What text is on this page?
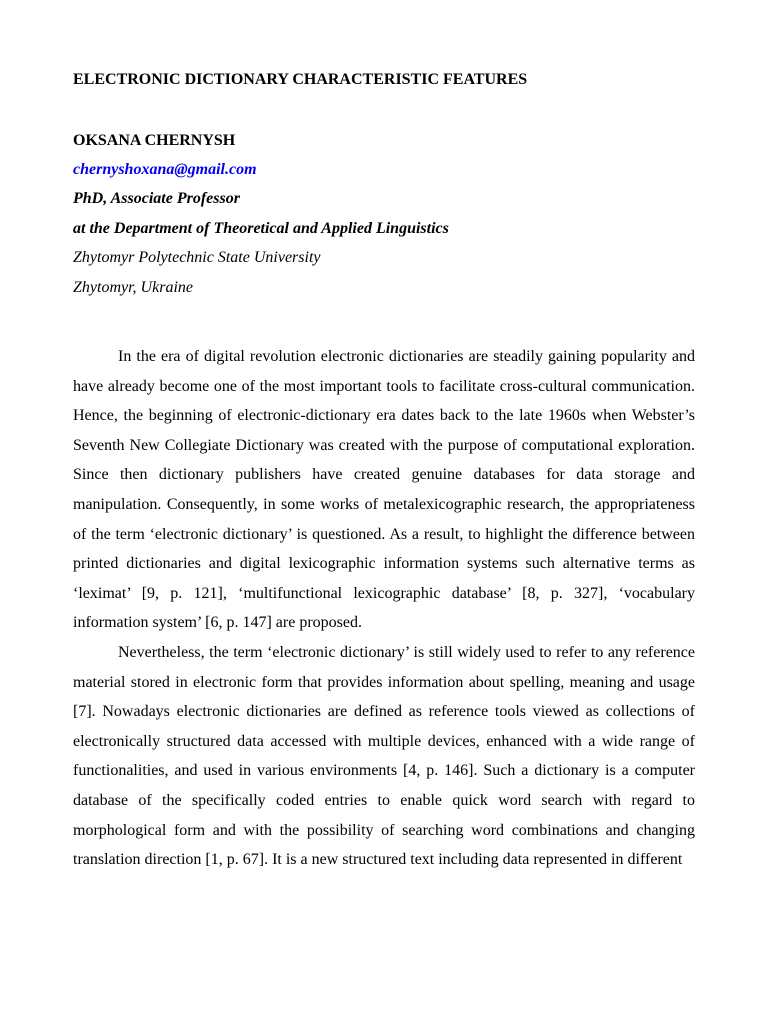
ELECTRONIC DICTIONARY CHARACTERISTIC FEATURES
OKSANA CHERNYSH
chernyshoxana@gmail.com
PhD, Associate Professor
at the Department of Theoretical and Applied Linguistics
Zhytomyr Polytechnic State University
Zhytomyr, Ukraine

In the era of digital revolution electronic dictionaries are steadily gaining popularity and have already become one of the most important tools to facilitate cross-cultural communication. Hence, the beginning of electronic-dictionary era dates back to the late 1960s when Webster’s Seventh New Collegiate Dictionary was created with the purpose of computational exploration. Since then dictionary publishers have created genuine databases for data storage and manipulation. Consequently, in some works of metalexicographic research, the appropriateness of the term ‘electronic dictionary’ is questioned. As a result, to highlight the difference between printed dictionaries and digital lexicographic information systems such alternative terms as ‘leximat’ [9, p. 121], ‘multifunctional lexicographic database’ [8, p. 327], ‘vocabulary information system’ [6, p. 147] are proposed.

Nevertheless, the term ‘electronic dictionary’ is still widely used to refer to any reference material stored in electronic form that provides information about spelling, meaning and usage [7]. Nowadays electronic dictionaries are defined as reference tools viewed as collections of electronically structured data accessed with multiple devices, enhanced with a wide range of functionalities, and used in various environments [4, p. 146]. Such a dictionary is a computer database of the specifically coded entries to enable quick word search with regard to morphological form and with the possibility of searching word combinations and changing translation direction [1, p. 67]. It is a new structured text including data represented in different
